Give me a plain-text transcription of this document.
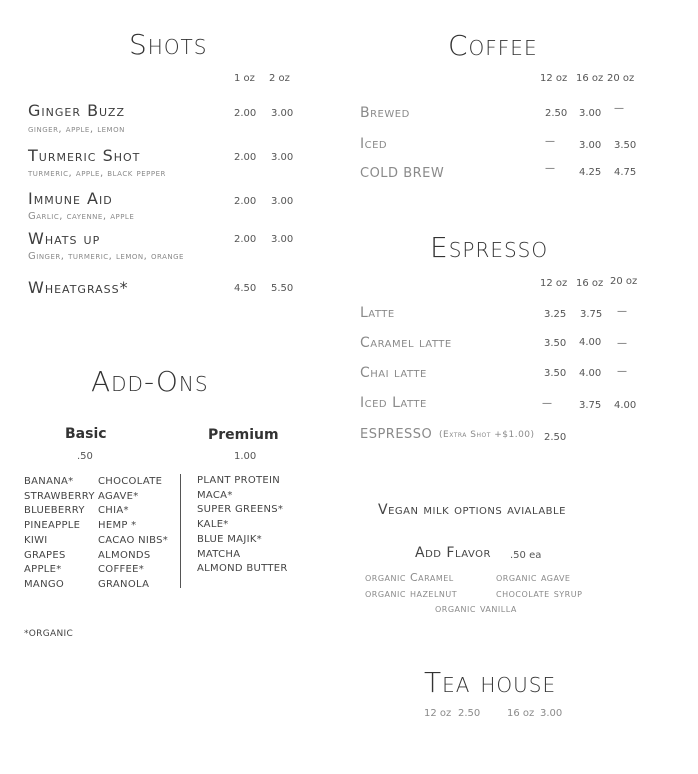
Shots
1 oz 2 oz
Ginger Buzz
ginger, apple, lemon
2.00 3.00
Turmeric Shot
turmeric, apple, black pepper
2.00 3.00
Immune Aid
Garlic, cayenne, apple
2.00 3.00
Whats up
Ginger, turmeric, lemon, orange
2.00 3.00
Wheatgrass*	4.50 5.50
Coffee
12 oz 16 oz 20 oz
Brewed	2.50 3.00 —
Iced	— 3.00 3.50
COLD BREW	— 4.25 4.75
Espresso
12 oz 16 oz 20 oz
Latte	3.25 3.75 —
Caramel latte	3.50 4.00 —
Chai latte	3.50 4.00 —
Iced Latte	—	3.75 4.00
ESPRESSO (Extra Shot +$1.00) 2.50
Add-Ons
Basic
.50
Premium
1.00
BANANA*
STRAWBERRY
BLUEBERRY
PINEAPPLE
KIWI
GRAPES
APPLE*
MANGO
CHOCOLATE
AGAVE*
CHIA*
HEMP *
CACAO NIBS*
ALMONDS
COFFEE*
GRANOLA
PLANT PROTEIN
MACA*
SUPER GREENS*
KALE*
BLUE MAJIK*
MATCHA
ALMOND BUTTER
*ORGANIC
Vegan milk options avialable
Add Flavor .50 ea
organic Caramel	organic agave
organic hazelnut	chocolate syrup
organic vanilla
Tea house
12 oz 2.50	16 oz 3.00
